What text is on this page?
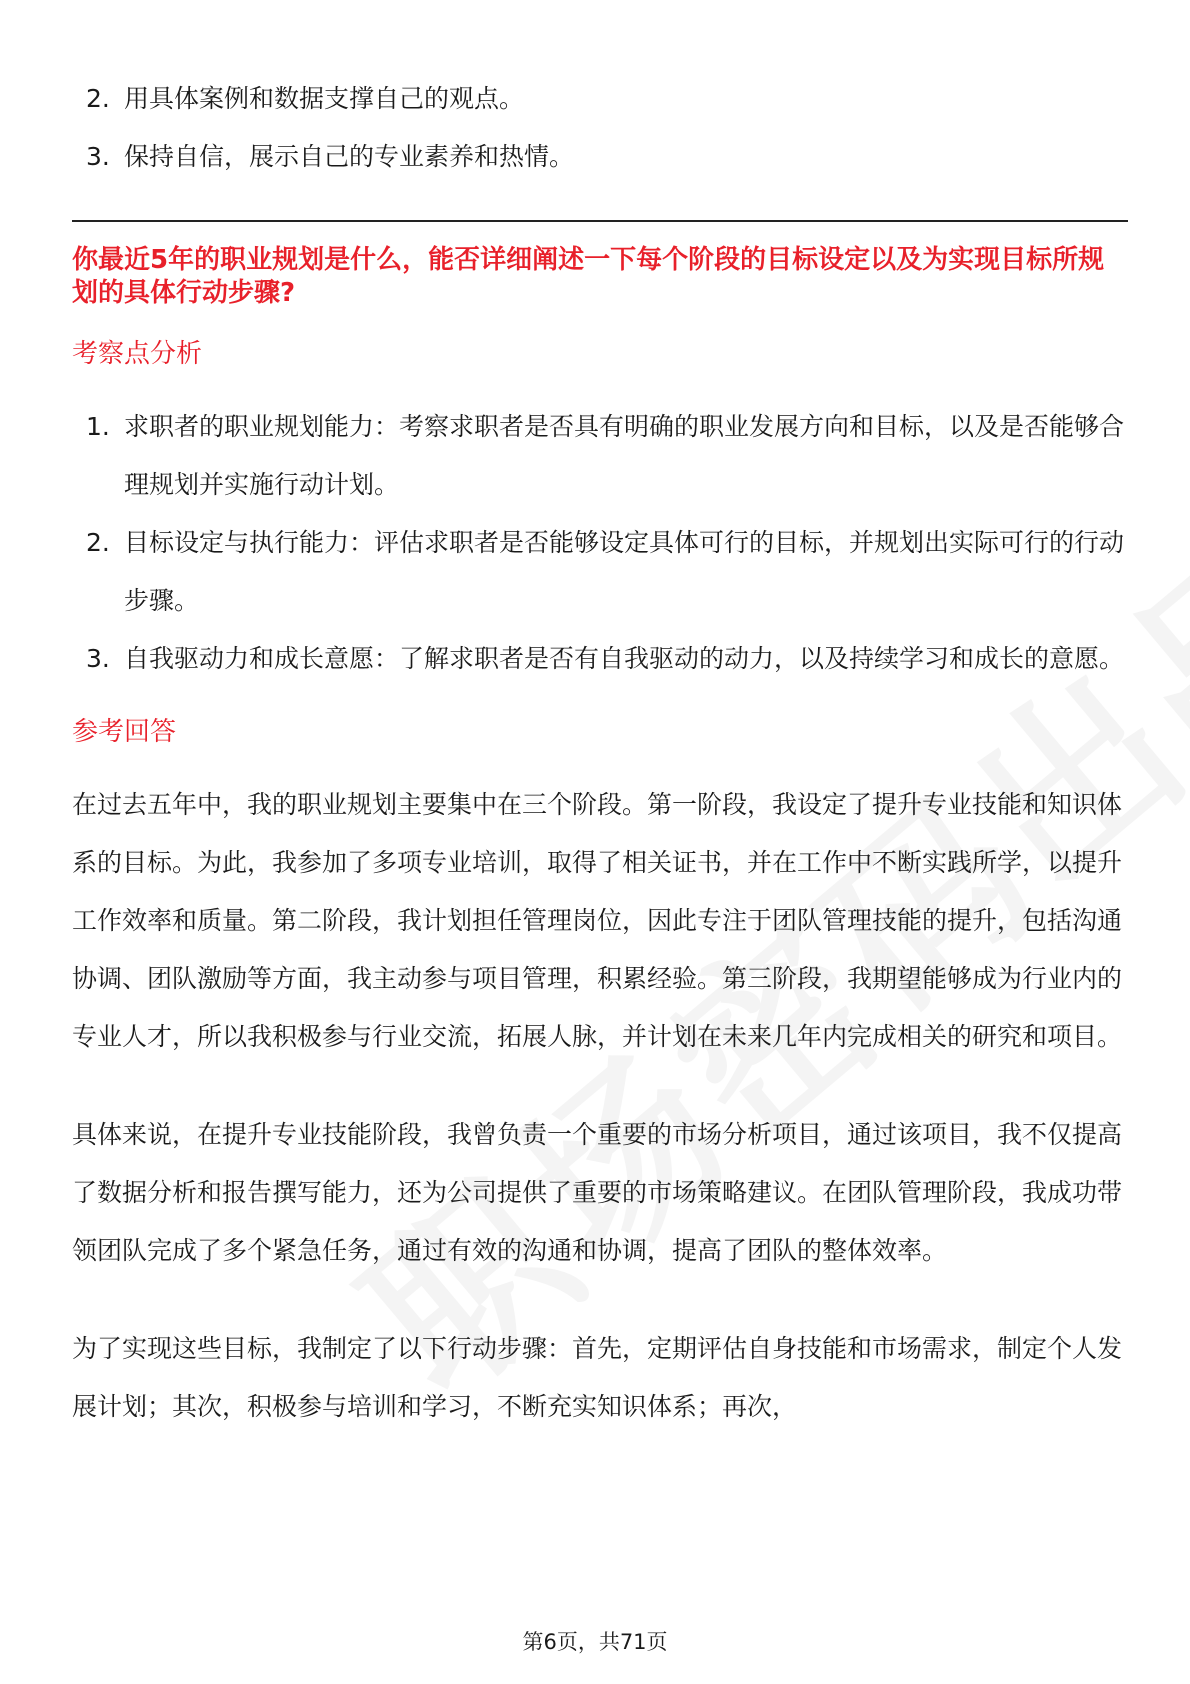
2. 用具体案例和数据支撑自己的观点。
3. 保持自信，展示自己的专业素养和热情。

你最近5年的职业规划是什么，能否详细阐述一下每个阶段的目标设定以及为实现目标所规划的具体行动步骤?

考察点分析
1. 求职者的职业规划能力：考察求职者是否具有明确的职业发展方向和目标，以及是否能够合理规划并实施行动计划。
2. 目标设定与执行能力：评估求职者是否能够设定具体可行的目标，并规划出实际可行的行动步骤。
3. 自我驱动力和成长意愿：了解求职者是否有自我驱动的动力，以及持续学习和成长的意愿。
参考回答

在过去五年中，我的职业规划主要集中在三个阶段。第一阶段，我设定了提升专业技能和知识体系的目标。为此，我参加了多项专业培训，取得了相关证书，并在工作中不断实践所学，以提升工作效率和质量。第二阶段，我计划担任管理岗位，因此专注于团队管理技能的提升，包括沟通协调、团队激励等方面，我主动参与项目管理，积累经验。第三阶段，我期望能够成为行业内的专业人才，所以我积极参与行业交流，拓展人脉，并计划在未来几年内完成相关的研究和项目。

具体来说，在提升专业技能阶段，我曾负责一个重要的市场分析项目，通过该项目，我不仅提高了数据分析和报告撰写能力，还为公司提供了重要的市场策略建议。在团队管理阶段，我成功带领团队完成了多个紧急任务，通过有效的沟通和协调，提高了团队的整体效率。

为了实现这些目标，我制定了以下行动步骤：首先，定期评估自身技能和市场需求，制定个人发展计划；其次，积极参与培训和学习，不断充实知识体系；再次，

第6页，共71页
